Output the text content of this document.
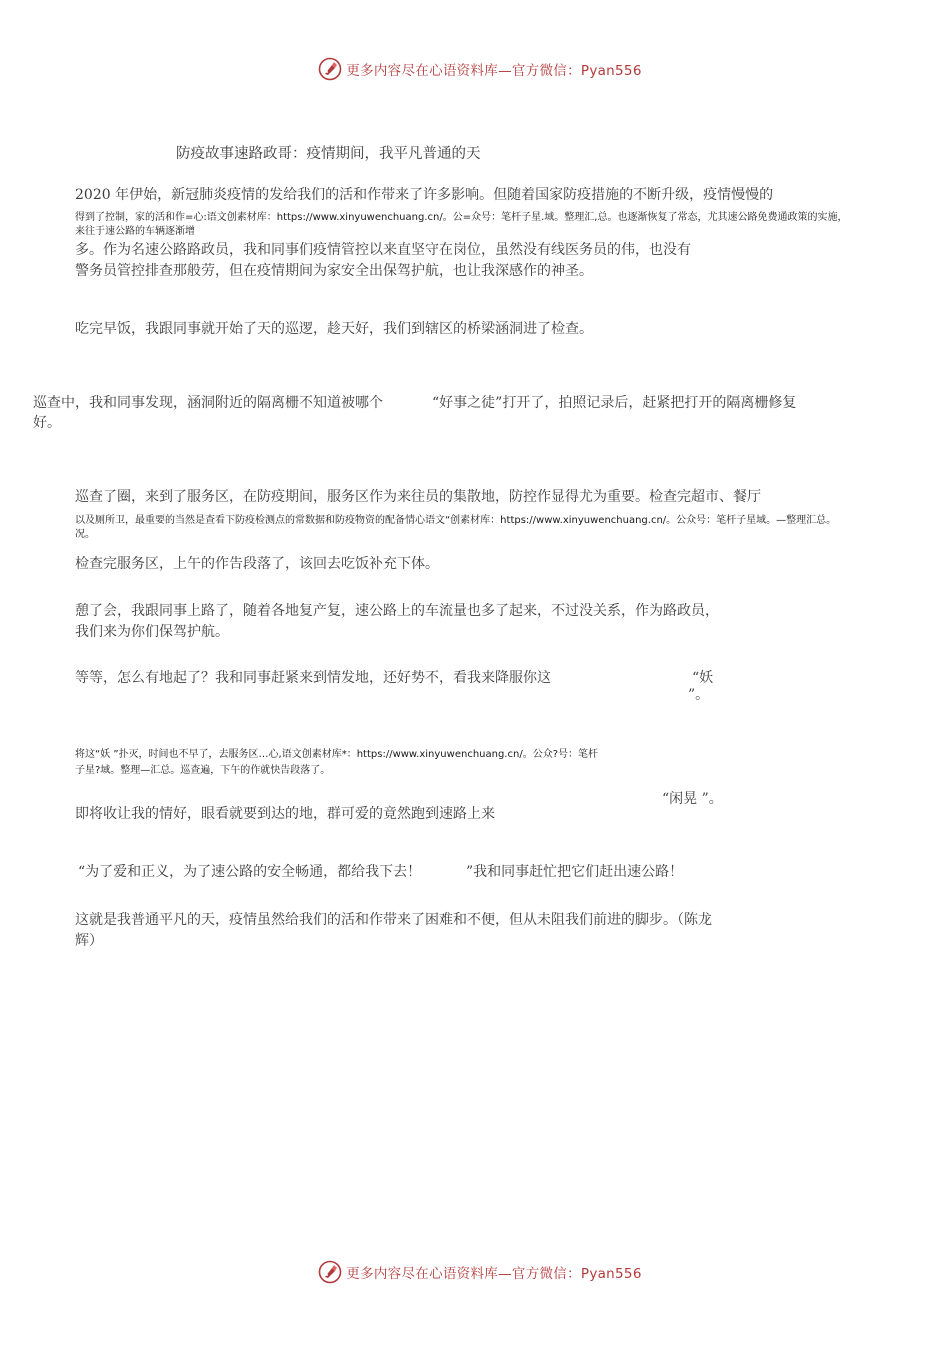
更多内容尽在心语资料库—官方微信：Pyan556
防疫故事速路政哥：疫情期间，我平凡普通的天
2020 年伊始，新冠肺炎疫情的发给我们的活和作带来了许多影响。但随着国家防疫措施的不断升级，疫情慢慢的
得到了控制，家的活和作=心:语文创素材库：https://www.xinyuwenchuang.cn/。公=众号：笔杆子星.域。整理汇,总。也逐渐恢复了常态，尤其速公路免费通政策的实施，
来往于速公路的车辆逐渐增
多。作为名速公路路政员，我和同事们疫情管控以来直坚守在岗位，虽然没有线医务员的伟，也没有
警务员管控排查那般劳，但在疫情期间为家安全出保驾护航，也让我深感作的神圣。
吃完早饭，我跟同事就开始了天的巡逻，趁天好，我们到辖区的桥梁涵洞进了检查。
巡查中，我和同事发现，涵洞附近的隔离栅不知道被哪个	“好事之徒”打开了，拍照记录后，赶紧把打开的隔离栅修复
好。
巡查了圈，来到了服务区，在防疫期间，服务区作为来往员的集散地，防控作显得尤为重要。检查完超市、餐厅
以及厕所卫，最重要的当然是查看下防疫检测点的常数据和防疫物资的配备情心语文“创素材库：https://www.xinyuwenchuang.cn/。公众号：笔杆子星域。—整理汇总。
况。
检查完服务区，上午的作告段落了，该回去吃饭补充下体。
憩了会，我跟同事上路了，随着各地复产复，速公路上的车流量也多了起来，不过没关系，作为路政员，
我们来为你们保驾护航。
等等，怎么有地起了？我和同事赶紧来到情发地，还好势不，看我来降服你这	“妖
”。
将这“妖 ”扑灭，时间也不早了，去服务区…心,语文创素材库*：https://www.xinyuwenchuang.cn/。公众?号：笔杆
子星?域。整理—汇总。巡查遍，下午的作就快告段落了。
“闲晃 ”。
即将收让我的情好，眼看就要到达的地，群可爱的竟然跑到速路上来
“为了爱和正义，为了速公路的安全畅通，都给我下去！	”我和同事赶忙把它们赶出速公路！
这就是我普通平凡的天，疫情虽然给我们的活和作带来了困难和不便，但从未阻我们前进的脚步。（陈龙
辉）
更多内容尽在心语资料库—官方微信：Pyan556
